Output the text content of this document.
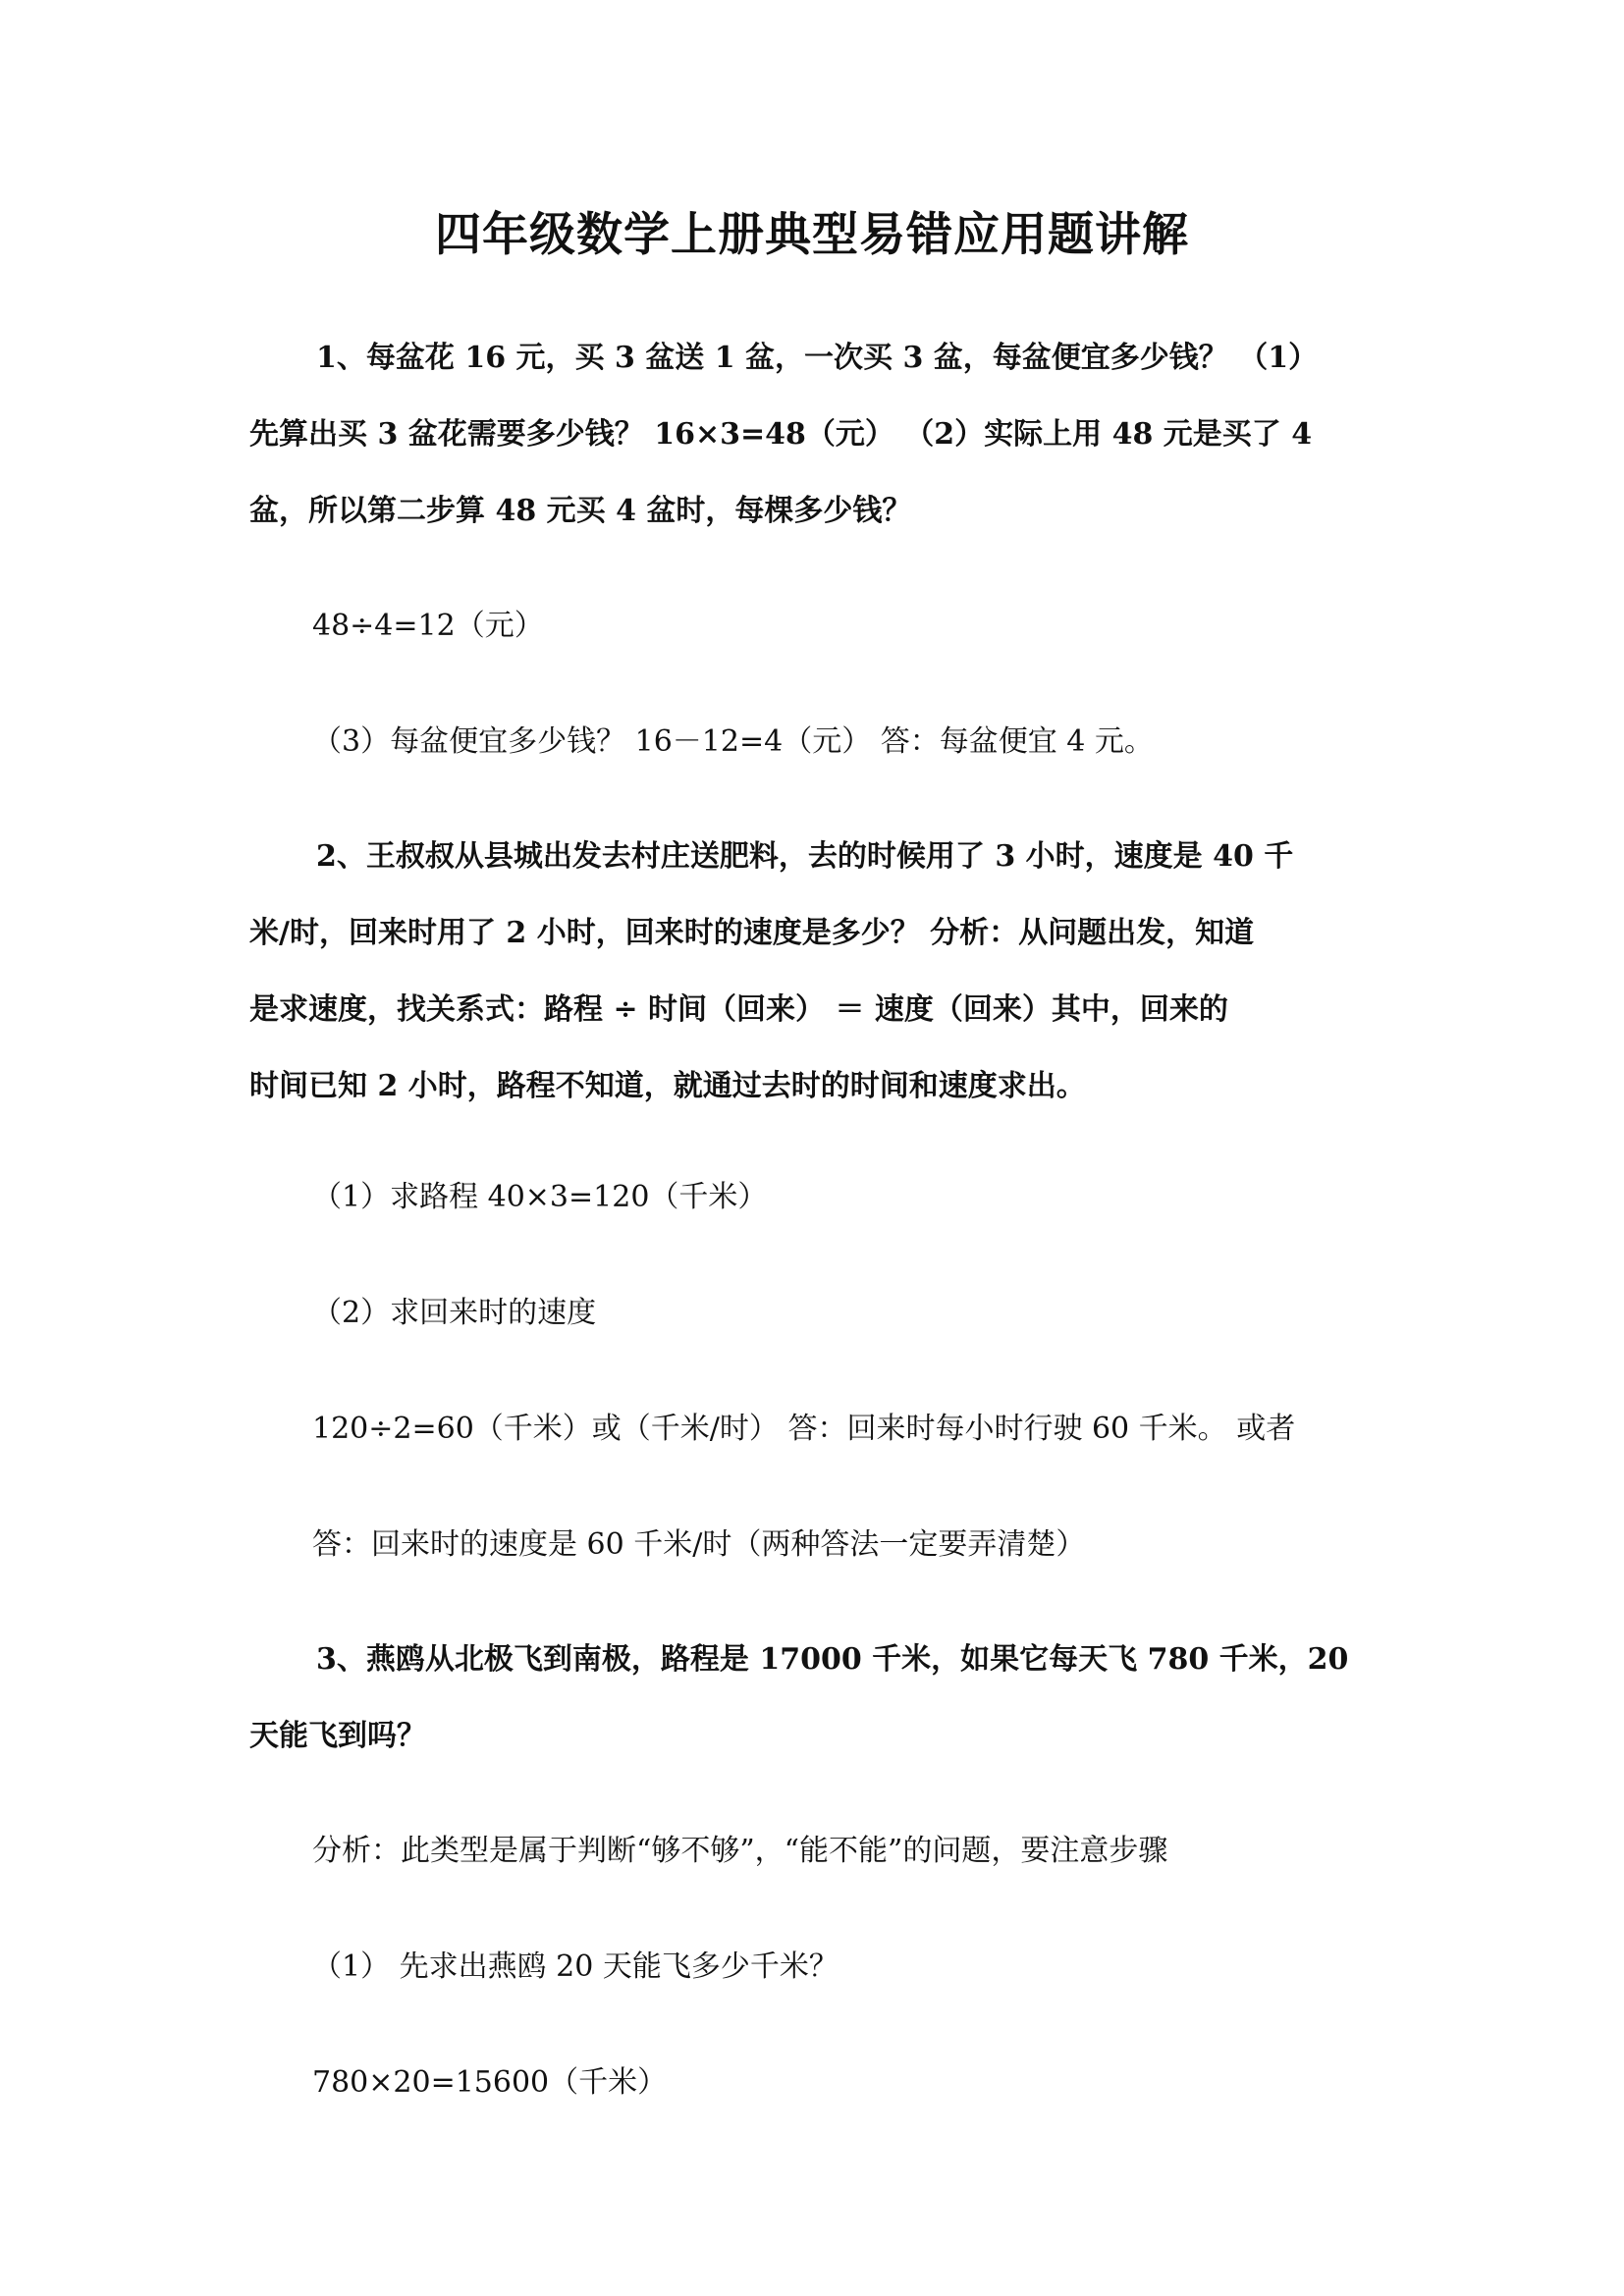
四年级数学上册典型易错应用题讲解
1、每盆花 16 元，买 3 盆送 1 盆，一次买 3 盆，每盆便宜多少钱？ （1）
先算出买 3 盆花需要多少钱？ 16×3=48（元） （2）实际上用 48 元是买了 4
盆，所以第二步算 48 元买 4 盆时，每棵多少钱？
48÷4=12（元）
（3）每盆便宜多少钱？ 16－12=4（元） 答：每盆便宜 4 元。
2、王叔叔从县城出发去村庄送肥料，去的时候用了 3 小时，速度是 40 千
米/时，回来时用了 2 小时，回来时的速度是多少？ 分析：从问题出发，知道
是求速度，找关系式：路程 ÷ 时间（回来） ＝ 速度（回来）其中，回来的
时间已知 2 小时，路程不知道，就通过去时的时间和速度求出。
（1）求路程 40×3=120（千米）
（2）求回来时的速度
120÷2=60（千米）或（千米/时） 答：回来时每小时行驶 60 千米。 或者
答：回来时的速度是 60 千米/时（两种答法一定要弄清楚）
3、燕鸥从北极飞到南极，路程是 17000 千米，如果它每天飞 780 千米，20
天能飞到吗？
分析：此类型是属于判断“够不够”，“能不能”的问题，要注意步骤
（1） 先求出燕鸥 20 天能飞多少千米？
780×20=15600（千米）
